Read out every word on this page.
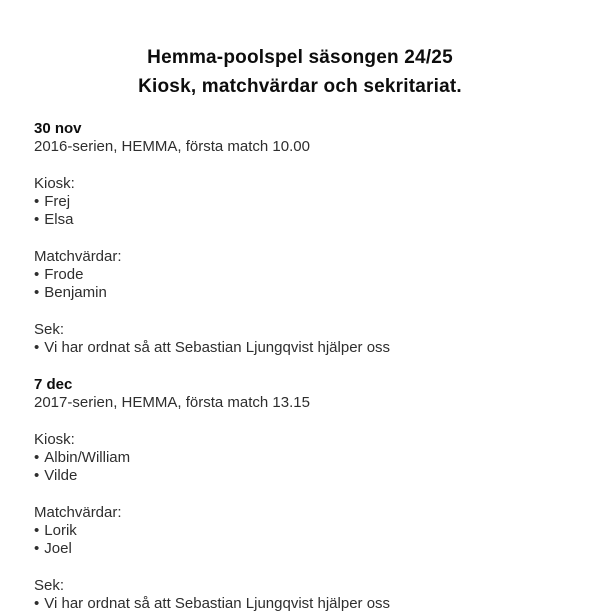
Hemma-poolspel säsongen 24/25
Kiosk, matchvärdar och sekritariat.
30 nov

2016-serien, HEMMA, första match 10.00

Kiosk:

• Frej
• Elsa

Matchvärdar:

• Frode
• Benjamin

Sek:

• Vi har ordnat så att Sebastian Ljungqvist hjälper oss
7 dec

2017-serien, HEMMA, första match 13.15

Kiosk:

• Albin/William
• Vilde

Matchvärdar:

• Lorik
• Joel

Sek:

• Vi har ordnat så att Sebastian Ljungqvist hjälper oss
